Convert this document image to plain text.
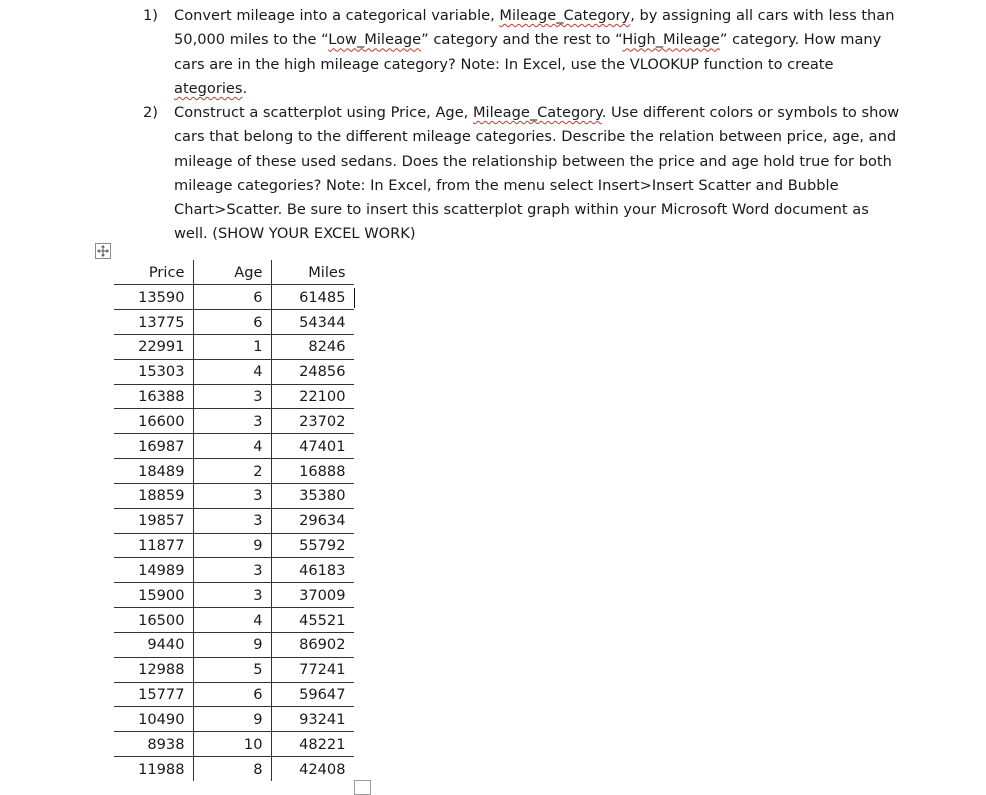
1)	Convert mileage into a categorical variable, Mileage_Category, by assigning all cars with less than 50,000 miles to the “Low_Mileage” category and the rest to “High_Mileage” category. How many cars are in the high mileage category? Note: In Excel, use the VLOOKUP function to create ategories.
2)	Construct a scatterplot using Price, Age, Mileage_Category. Use different colors or symbols to show cars that belong to the different mileage categories. Describe the relation between price, age, and mileage of these used sedans. Does the relationship between the price and age hold true for both mileage categories? Note: In Excel, from the menu select Insert>Insert Scatter and Bubble Chart>Scatter. Be sure to insert this scatterplot graph within your Microsoft Word document as well. (SHOW YOUR EXCEL WORK)
Price	Age	Miles
13590	6	61485
13775	6	54344
22991	1	8246
15303	4	24856
16388	3	22100
16600	3	23702
16987	4	47401
18489	2	16888
18859	3	35380
19857	3	29634
11877	9	55792
14989	3	46183
15900	3	37009
16500	4	45521
9440	9	86902
12988	5	77241
15777	6	59647
10490	9	93241
8938	10	48221
11988	8	42408
